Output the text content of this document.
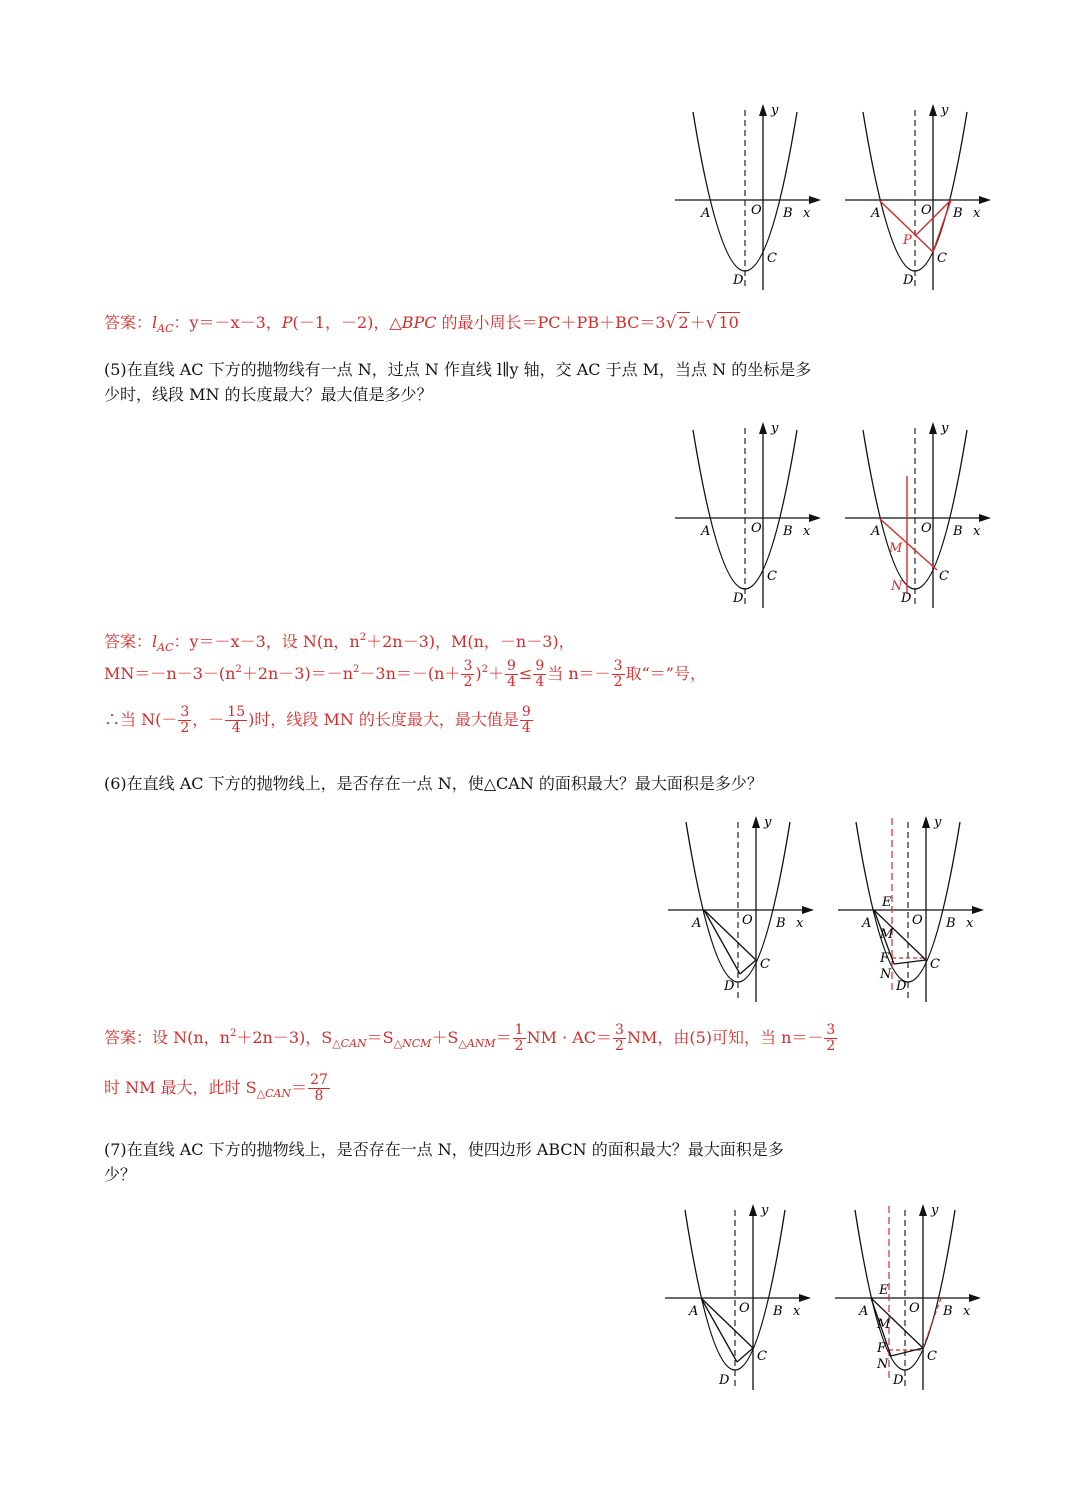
A	O B x
y
C
D
A	O B x
y
C
D
P
A	O B x
y
C
D
A	O B x
y
C
D
M
N
A	O B x
y
C
D
A	O B x
y
C
D
E
M
F
N
A	O B x
y
C
D
A	O B x
y
C
D
E
M
F
N
答案：$l_{AC}$：y＝－x－3，P(－1，－2)，△BPC 的最小周长＝PC＋PB＋BC＝3√ 2＋√ 10
(5)在直线 AC 下方的抛物线有一点 N，过点 N 作直线 l∥y 轴，交 AC 于点 M，当点 N 的坐标是多
少时，线段 MN 的长度最大？最大值是多少？
答案：$l_{AC}$：y＝－x－3，设 N(n，$n^2+2n-3$)，M(n，－n－3)，
$MN=-n-3-(n^2+2n-3)=-n^2-3n=-(n+ \frac{3}{2} )^2+ \frac{9}{4} \le \frac{9}{4}$ 当 $n=- \frac{3}{2}$ 取“＝”号，
∴当 $N(- \frac{3}{2}$ ，－ $\frac{15}{4}$ )时，线段 MN 的长度最大，最大值是 $\frac{9}{4}$
(6)在直线 AC 下方的抛物线上，是否存在一点 N，使△CAN 的面积最大？最大面积是多少？
答案：设 N(n，$n^2+2n-3$)，$S_{\triangle CAN}=S_{\triangle NCM}+S_{\triangle ANM}= \frac{1}{2}$ NM · $AC= \frac{3}{2}$ NM，由(5)可知，当 $n=- \frac{3}{2}$
时 NM 最大，此时 $S_{\triangle CAN}= \frac{27}{8}$
(7)在直线 AC 下方的抛物线上，是否存在一点 N，使四边形 ABCN 的面积最大？最大面积是多
少？
